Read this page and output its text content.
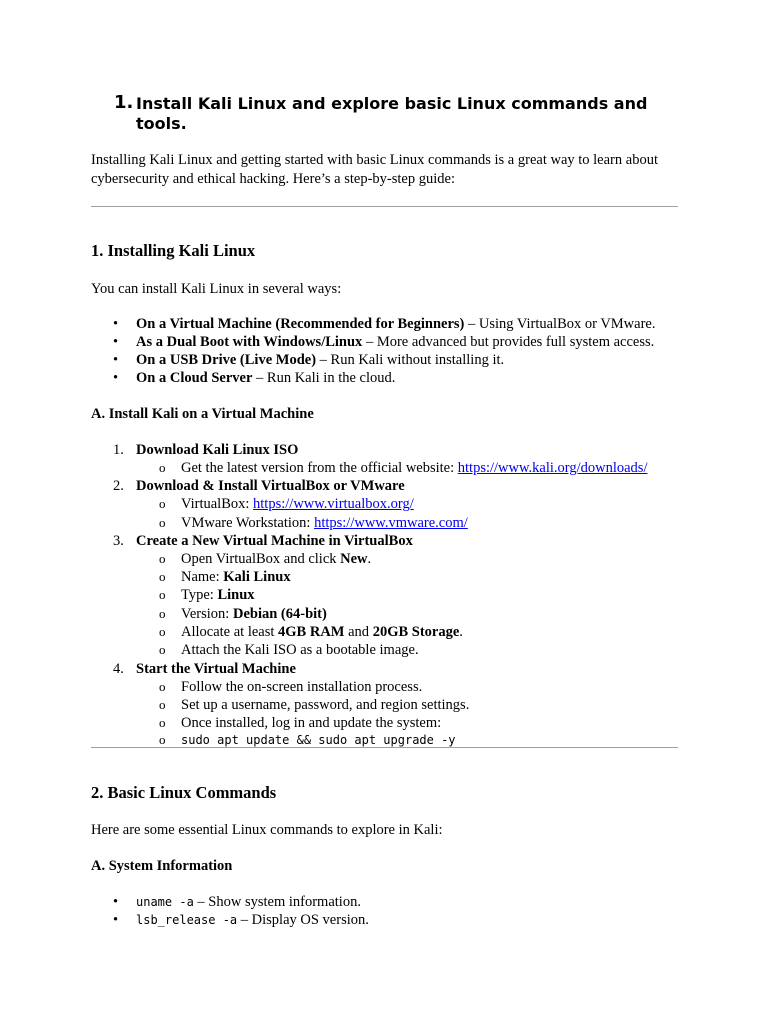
1. Install Kali Linux and explore basic Linux commands and tools.

Installing Kali Linux and getting started with basic Linux commands is a great way to learn about cybersecurity and ethical hacking. Here’s a step-by-step guide:

1. Installing Kali Linux

You can install Kali Linux in several ways:

• On a Virtual Machine (Recommended for Beginners) – Using VirtualBox or VMware.
• As a Dual Boot with Windows/Linux – More advanced but provides full system access.
• On a USB Drive (Live Mode) – Run Kali without installing it.
• On a Cloud Server – Run Kali in the cloud.
A. Install Kali on a Virtual Machine
1. Download Kali Linux ISO
o Get the latest version from the official website: https://www.kali.org/downloads/
2. Download & Install VirtualBox or VMware
o VirtualBox: https://www.virtualbox.org/
o VMware Workstation: https://www.vmware.com/
3. Create a New Virtual Machine in VirtualBox
o Open VirtualBox and click New.
o Name: Kali Linux
o Type: Linux
o Version: Debian (64-bit)
o Allocate at least 4GB RAM and 20GB Storage.
o Attach the Kali ISO as a bootable image.
4. Start the Virtual Machine
o Follow the on-screen installation process.
o Set up a username, password, and region settings.
o Once installed, log in and update the system:
o sudo apt update && sudo apt upgrade -y
2. Basic Linux Commands

Here are some essential Linux commands to explore in Kali:

A. System Information
• uname -a – Show system information.
• lsb_release -a – Display OS version.
